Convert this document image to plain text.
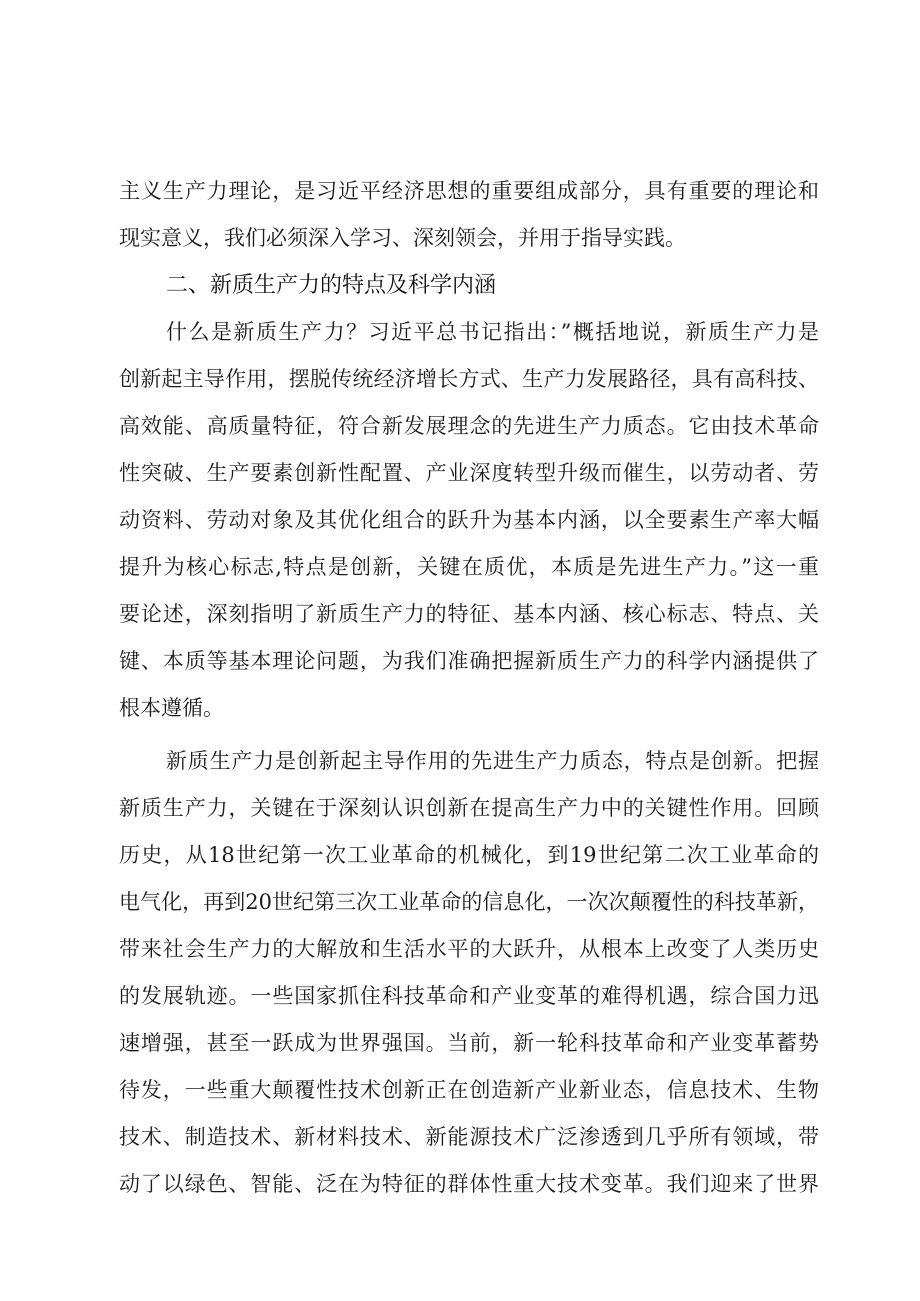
主义生产力理论，是习近平经济思想的重要组成部分，具有重要的理论和
现实意义，我们必须深入学习、深刻领会，并用于指导实践。
二、新质生产力的特点及科学内涵
什么是新质生产力？习近平总书记指出：”概括地说，新质生产力是
创新起主导作用，摆脱传统经济增长方式、生产力发展路径，具有高科技、
高效能、高质量特征，符合新发展理念的先进生产力质态。它由技术革命
性突破、生产要素创新性配置、产业深度转型升级而催生，以劳动者、劳
动资料、劳动对象及其优化组合的跃升为基本内涵，以全要素生产率大幅
提升为核心标志,特点是创新，关键在质优，本质是先进生产力。”这一重
要论述，深刻指明了新质生产力的特征、基本内涵、核心标志、特点、关
键、本质等基本理论问题，为我们准确把握新质生产力的科学内涵提供了
根本遵循。
新质生产力是创新起主导作用的先进生产力质态，特点是创新。把握
新质生产力，关键在于深刻认识创新在提高生产力中的关键性作用。回顾
历史，从18世纪第一次工业革命的机械化，到19世纪第二次工业革命的
电气化，再到20世纪第三次工业革命的信息化，一次次颠覆性的科技革新，
带来社会生产力的大解放和生活水平的大跃升，从根本上改变了人类历史
的发展轨迹。一些国家抓住科技革命和产业变革的难得机遇，综合国力迅
速增强，甚至一跃成为世界强国。当前，新一轮科技革命和产业变革蓄势
待发，一些重大颠覆性技术创新正在创造新产业新业态，信息技术、生物
技术、制造技术、新材料技术、新能源技术广泛渗透到几乎所有领域，带
动了以绿色、智能、泛在为特征的群体性重大技术变革。我们迎来了世界
